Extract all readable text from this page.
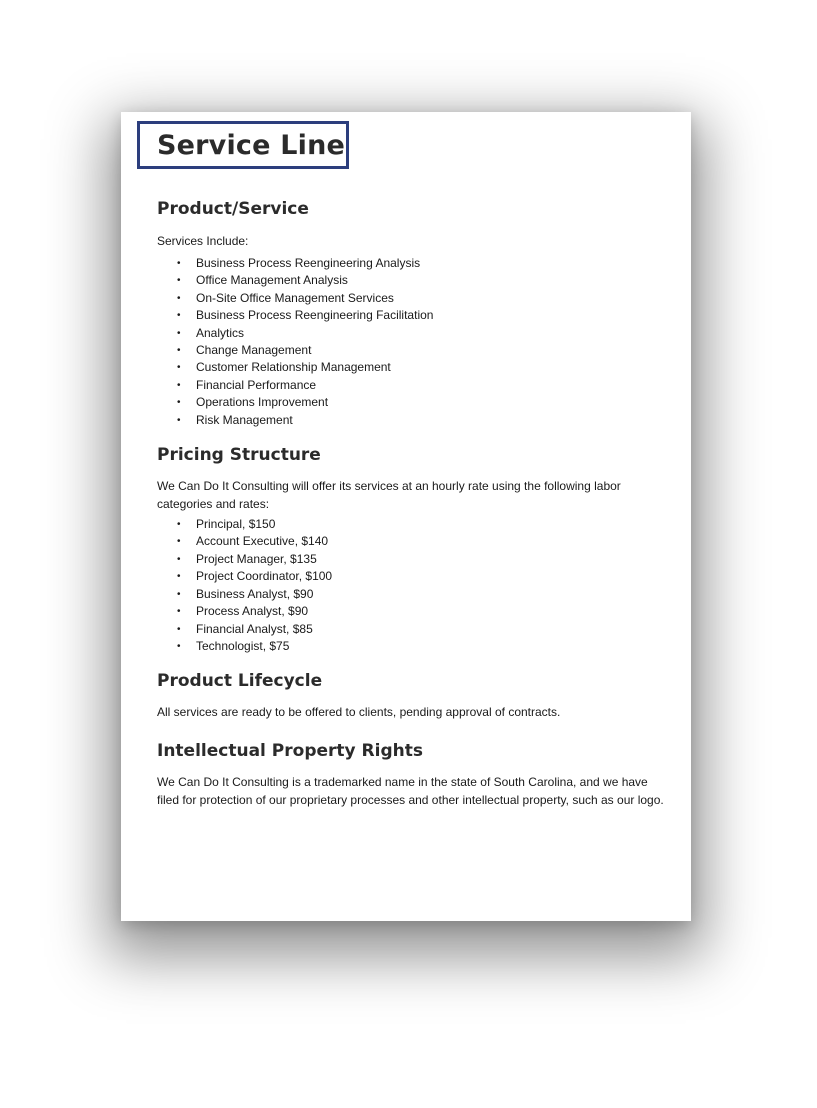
Service Line
Product/Service

Services Include:

• Business Process Reengineering Analysis
• Office Management Analysis
• On-Site Office Management Services
• Business Process Reengineering Facilitation
• Analytics
• Change Management
• Customer Relationship Management
• Financial Performance
• Operations Improvement
• Risk Management
Pricing Structure

We Can Do It Consulting will offer its services at an hourly rate using the following labor categories and rates:

• Principal, $150
• Account Executive, $140
• Project Manager, $135
• Project Coordinator, $100
• Business Analyst, $90
• Process Analyst, $90
• Financial Analyst, $85
• Technologist, $75
Product Lifecycle

All services are ready to be offered to clients, pending approval of contracts.

Intellectual Property Rights

We Can Do It Consulting is a trademarked name in the state of South Carolina, and we have filed for protection of our proprietary processes and other intellectual property, such as our logo.
